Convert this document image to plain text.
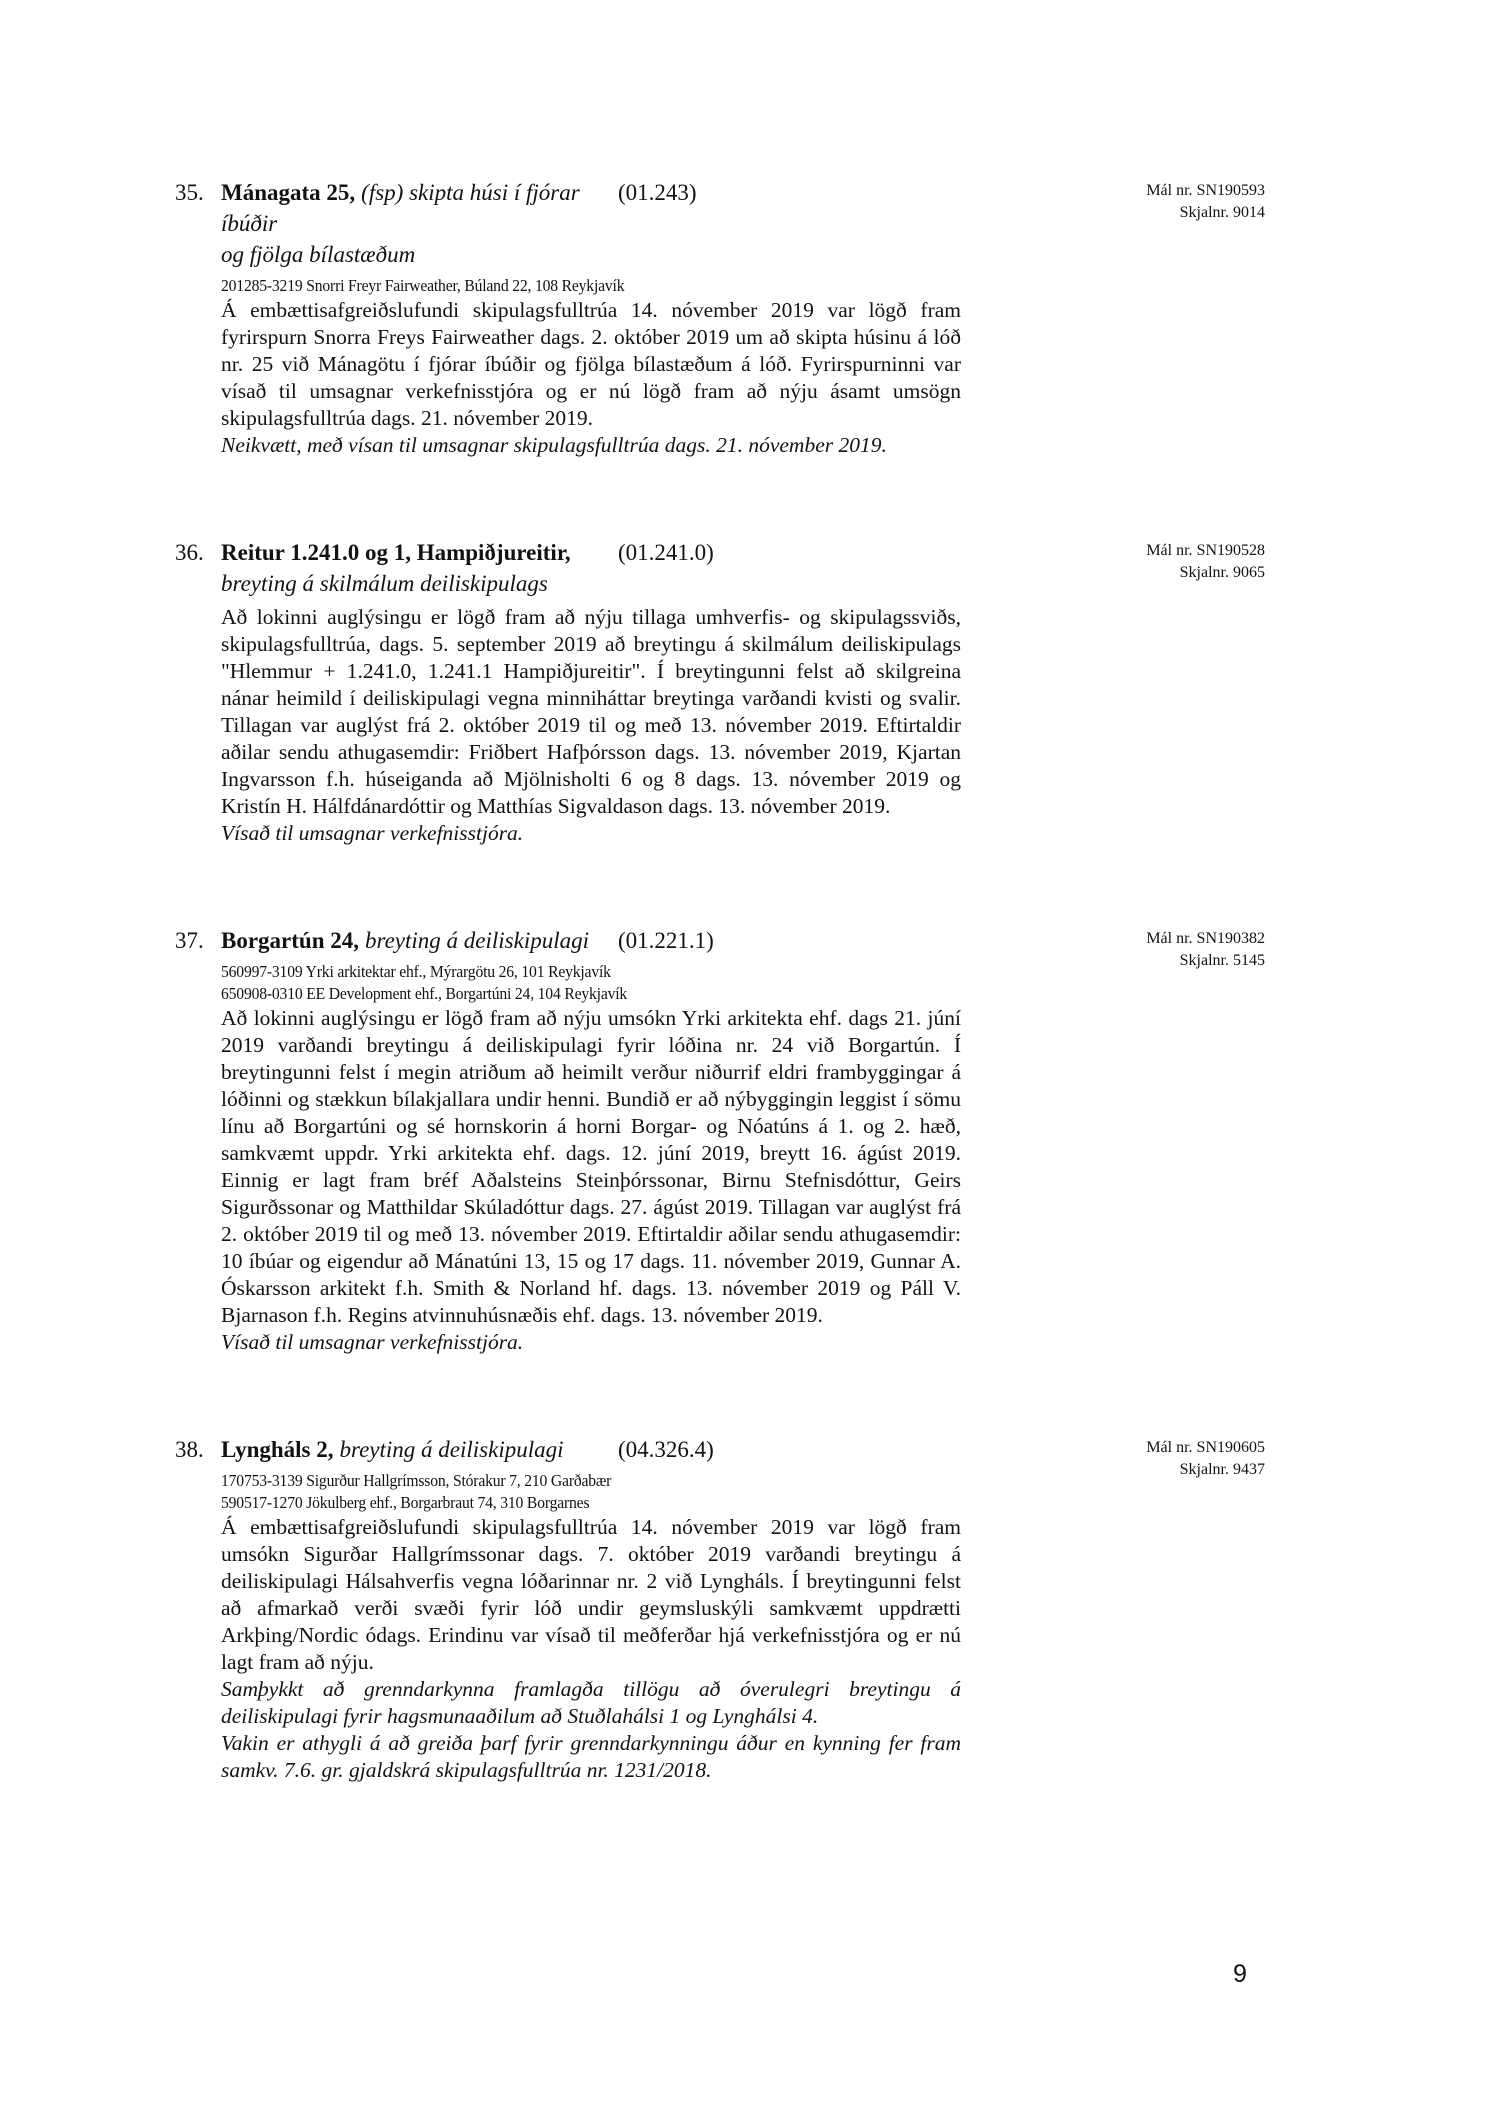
35. Mánagata 25, (fsp) skipta húsi í fjórar íbúðir
og fjölga bílastæðum
(01.243)	Mál nr. SN190593
Skjalnr. 9014
201285-3219 Snorri Freyr Fairweather, Búland 22, 108 Reykjavík

Á embættisafgreiðslufundi skipulagsfulltrúa 14. nóvember 2019 var lögð fram fyrirspurn Snorra Freys Fairweather dags. 2. október 2019 um að skipta húsinu á lóð nr. 25 við Mánagötu í fjórar íbúðir og fjölga bílastæðum á lóð. Fyrirspurninni var vísað til umsagnar verkefnisstjóra og er nú lögð fram að nýju ásamt umsögn skipulagsfulltrúa dags. 21. nóvember 2019.

Neikvætt, með vísan til umsagnar skipulagsfulltrúa dags. 21. nóvember 2019.

36. Reitur 1.241.0 og 1, Hampiðjureitir,
breyting á skilmálum deiliskipulags
(01.241.0)	Mál nr. SN190528
Skjalnr. 9065

Að lokinni auglýsingu er lögð fram að nýju tillaga umhverfis- og skipulagssviðs, skipulagsfulltrúa, dags. 5. september 2019 að breytingu á skilmálum deiliskipulags "Hlemmur + 1.241.0, 1.241.1 Hampiðjureitir". Í breytingunni felst að skilgreina nánar heimild í deiliskipulagi vegna minniháttar breytinga varðandi kvisti og svalir. Tillagan var auglýst frá 2. október 2019 til og með 13. nóvember 2019. Eftirtaldir aðilar sendu athugasemdir: Friðbert Hafþórsson dags. 13. nóvember 2019, Kjartan Ingvarsson f.h. húseiganda að Mjölnisholti 6 og 8 dags. 13. nóvember 2019 og Kristín H. Hálfdánardóttir og Matthías Sigvaldason dags. 13. nóvember 2019.

Vísað til umsagnar verkefnisstjóra.

37. Borgartún 24, breyting á deiliskipulagi	(01.221.1)	Mál nr. SN190382
Skjalnr. 5145
560997-3109 Yrki arkitektar ehf., Mýrargötu 26, 101 Reykjavík
650908-0310 EE Development ehf., Borgartúni 24, 104 Reykjavík

Að lokinni auglýsingu er lögð fram að nýju umsókn Yrki arkitekta ehf. dags 21. júní 2019 varðandi breytingu á deiliskipulagi fyrir lóðina nr. 24 við Borgartún. Í breytingunni felst í megin atriðum að heimilt verður niðurrif eldri frambyggingar á lóðinni og stækkun bílakjallara undir henni. Bundið er að nýbyggingin leggist í sömu línu að Borgartúni og sé hornskorin á horni Borgar- og Nóatúns á 1. og 2. hæð, samkvæmt uppdr. Yrki arkitekta ehf. dags. 12. júní 2019, breytt 16. ágúst 2019. Einnig er lagt fram bréf Aðalsteins Steinþórssonar, Birnu Stefnisdóttur, Geirs Sigurðssonar og Matthildar Skúladóttur dags. 27. ágúst 2019. Tillagan var auglýst frá 2. október 2019 til og með 13. nóvember 2019. Eftirtaldir aðilar sendu athugasemdir: 10 íbúar og eigendur að Mánatúni 13, 15 og 17 dags. 11. nóvember 2019, Gunnar A. Óskarsson arkitekt f.h. Smith & Norland hf. dags. 13. nóvember 2019 og Páll V. Bjarnason f.h. Regins atvinnuhúsnæðis ehf. dags. 13. nóvember 2019.

Vísað til umsagnar verkefnisstjóra.

38. Lyngháls 2, breyting á deiliskipulagi	(04.326.4)	Mál nr. SN190605
Skjalnr. 9437
170753-3139 Sigurður Hallgrímsson, Stórakur 7, 210 Garðabær
590517-1270 Jökulberg ehf., Borgarbraut 74, 310 Borgarnes

Á embættisafgreiðslufundi skipulagsfulltrúa 14. nóvember 2019 var lögð fram umsókn Sigurðar Hallgrímssonar dags. 7. október 2019 varðandi breytingu á deiliskipulagi Hálsahverfis vegna lóðarinnar nr. 2 við Lyngháls. Í breytingunni felst að afmarkað verði svæði fyrir lóð undir geymsluskýli samkvæmt uppdrætti Arkþing/Nordic ódags. Erindinu var vísað til meðferðar hjá verkefnisstjóra og er nú lagt fram að nýju.

Samþykkt að grenndarkynna framlagða tillögu að óverulegri breytingu á deiliskipulagi fyrir hagsmunaaðilum að Stuðlahálsi 1 og Lynghálsi 4.

Vakin er athygli á að greiða þarf fyrir grenndarkynningu áður en kynning fer fram samkv. 7.6. gr. gjaldskrá skipulagsfulltrúa nr. 1231/2018.

9
